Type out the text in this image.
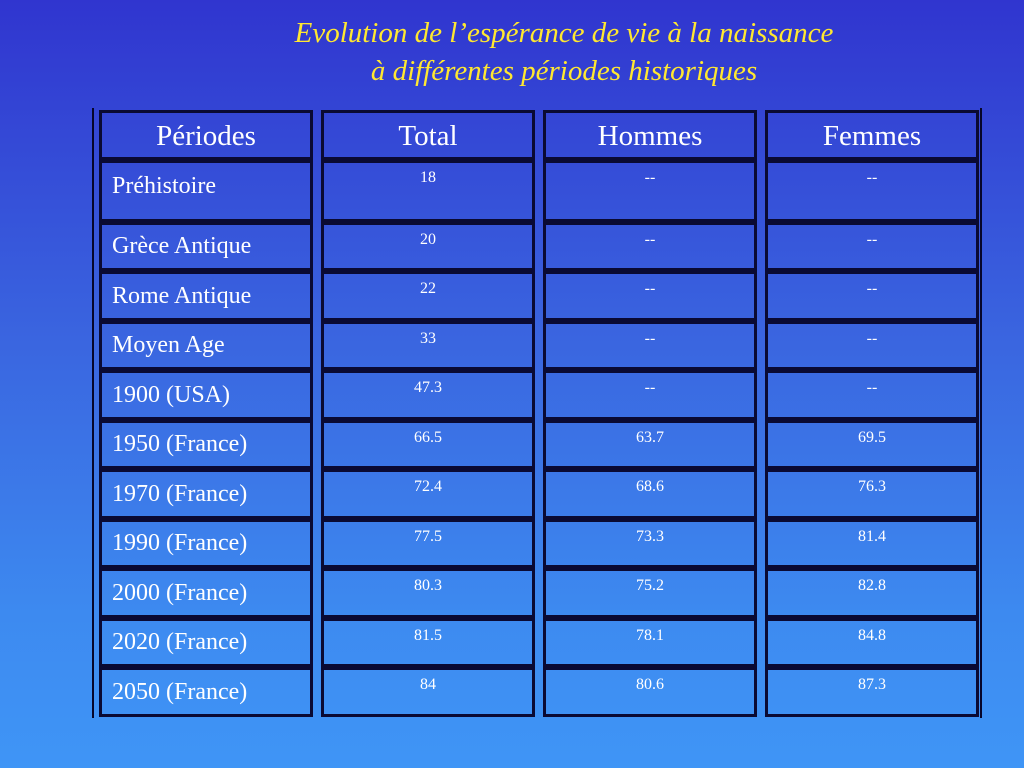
Evolution de l’espérance de vie à la naissance
à différentes périodes historiques
Périodes	Total	Hommes	Femmes
Préhistoire	18	--	--
Grèce Antique	20	--	--
Rome Antique	22	--	--
Moyen Age	33	--	--
1900 (USA)	47.3	--	--
1950 (France)	66.5	63.7	69.5
1970 (France)	72.4	68.6	76.3
1990 (France)	77.5	73.3	81.4
2000 (France)	80.3	75.2	82.8
2020 (France)	81.5	78.1	84.8
2050 (France)	84	80.6	87.3
